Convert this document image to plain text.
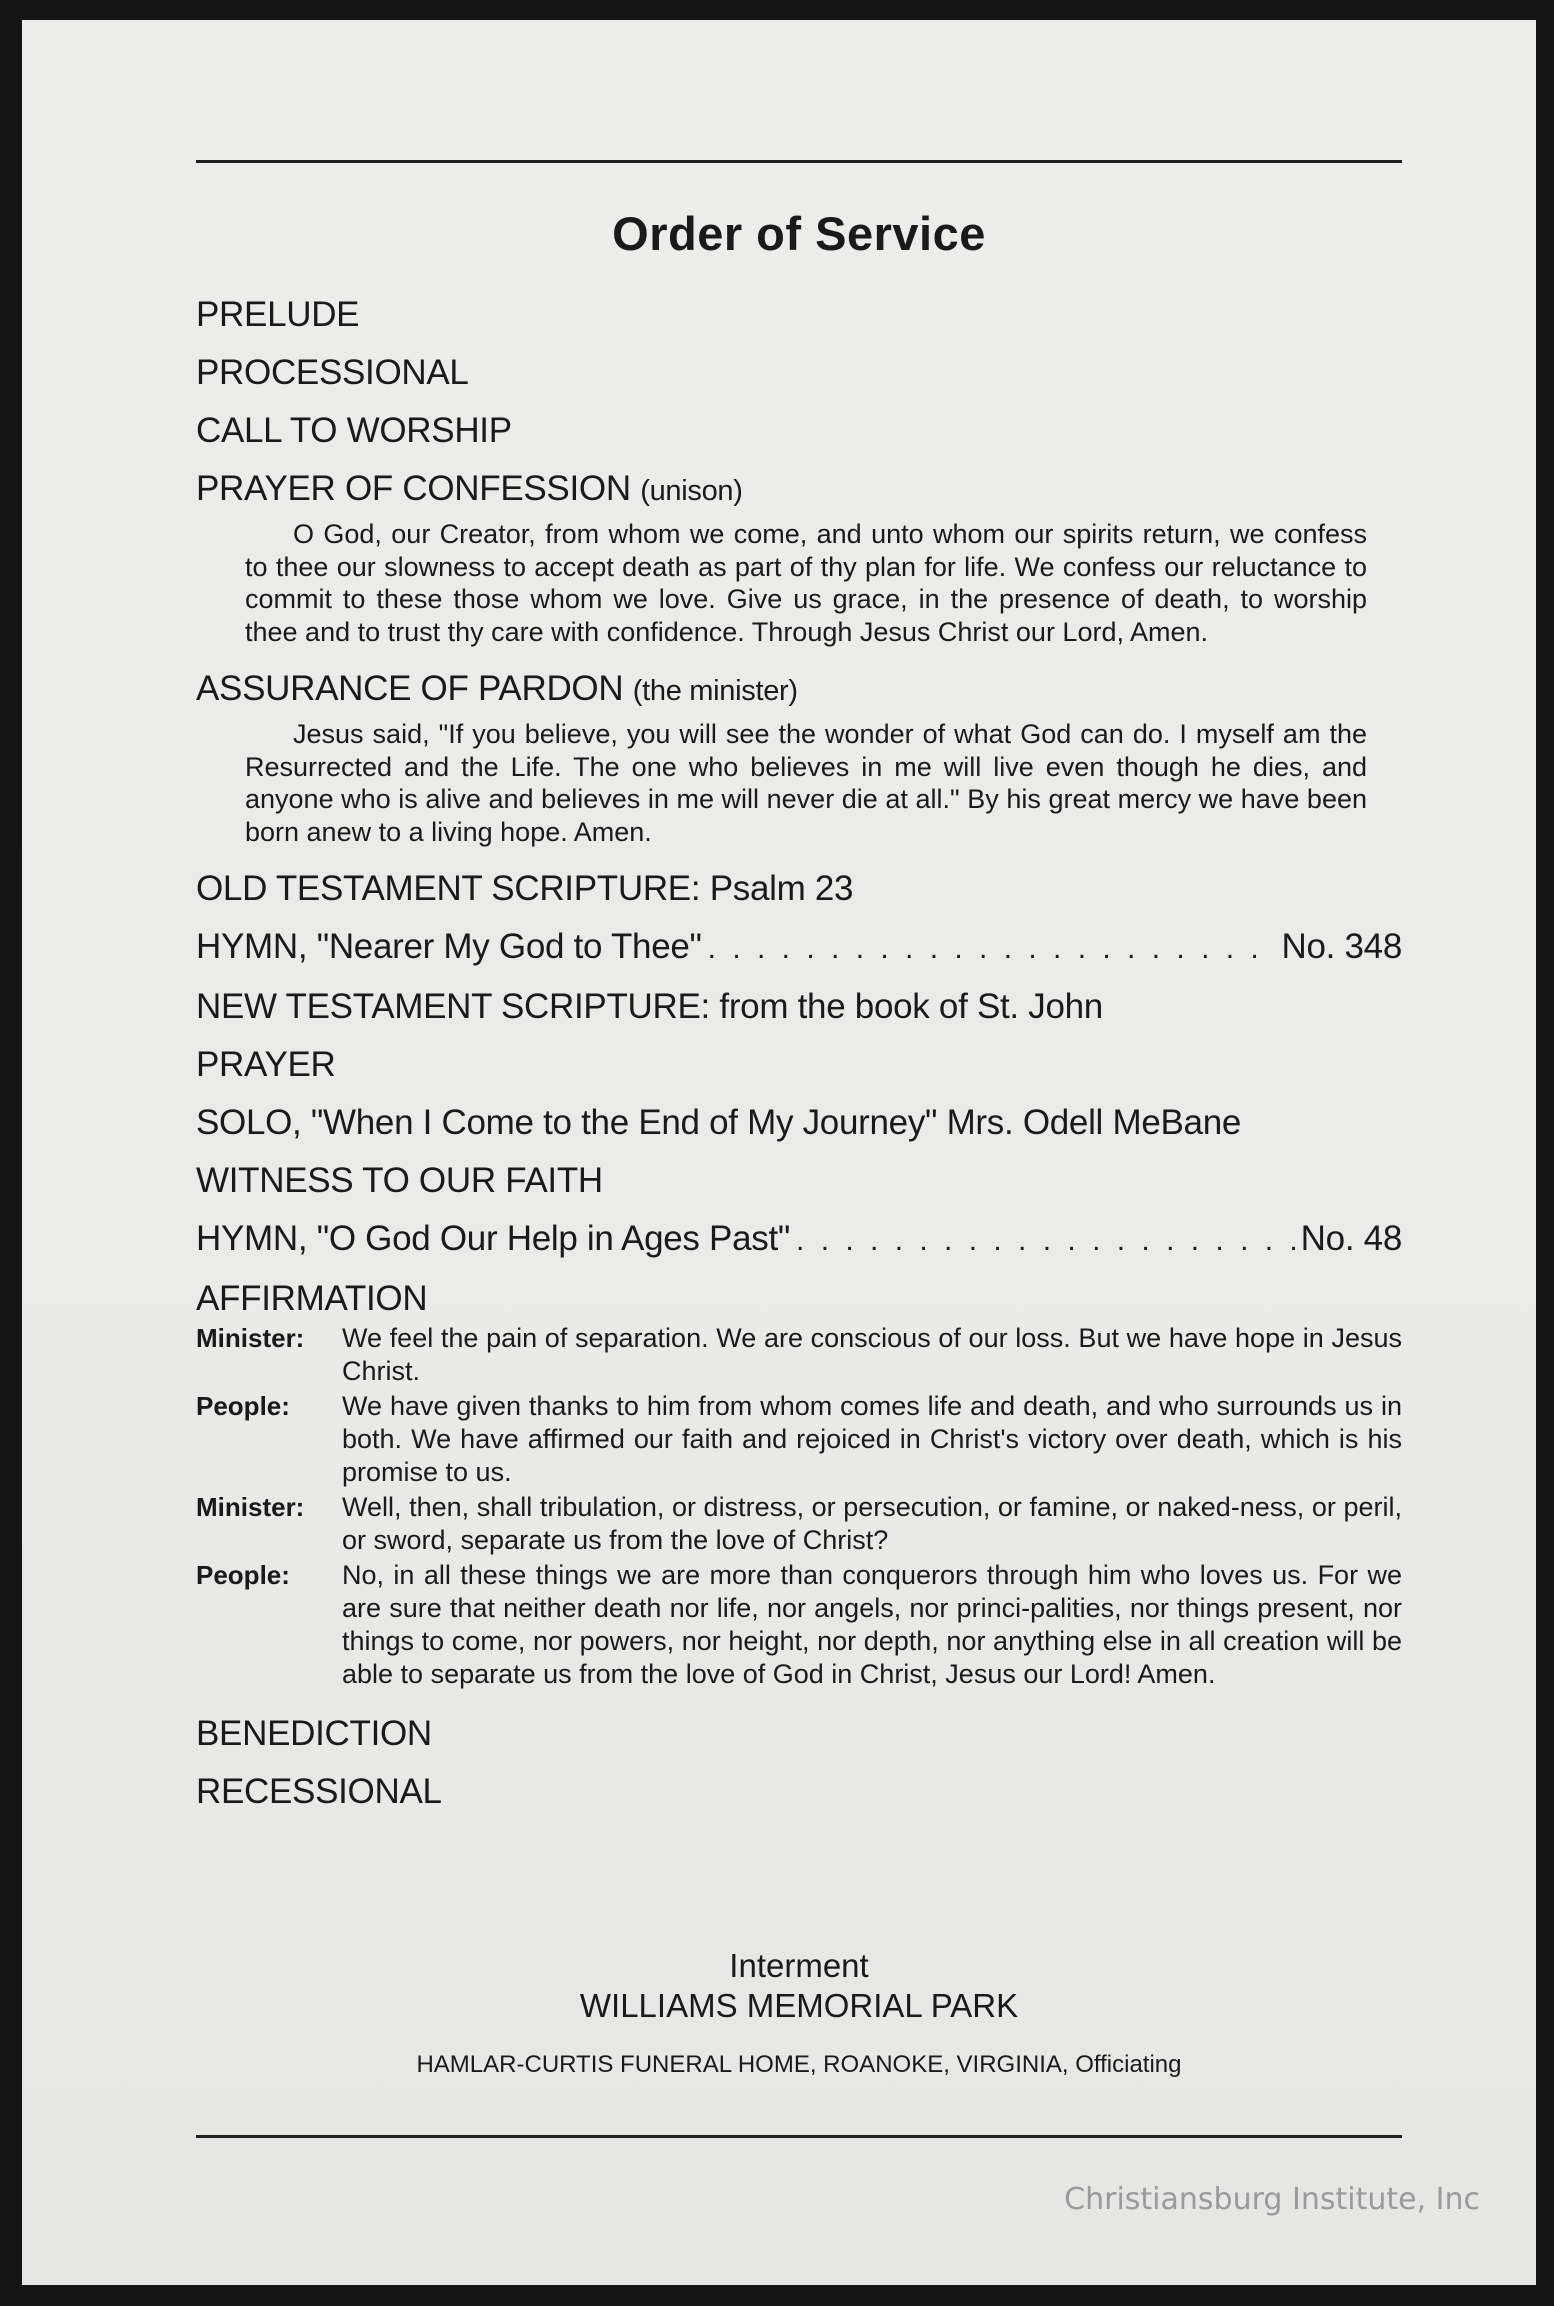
Order of Service
PRELUDE
PROCESSIONAL
CALL TO WORSHIP
PRAYER OF CONFESSION (unison)
O God, our Creator, from whom we come, and unto whom our spirits return, we confess to thee our slowness to accept death as part of thy plan for life. We confess our reluctance to commit to these those whom we love. Give us grace, in the presence of death, to worship thee and to trust thy care with confidence. Through Jesus Christ our Lord, Amen.
ASSURANCE OF PARDON (the minister)
Jesus said, "If you believe, you will see the wonder of what God can do. I myself am the Resurrected and the Life. The one who believes in me will live even though he dies, and anyone who is alive and believes in me will never die at all." By his great mercy we have been born anew to a living hope. Amen.
OLD TESTAMENT SCRIPTURE: Psalm 23
HYMN, "Nearer My God to Thee" . . .	No. 348
NEW TESTAMENT SCRIPTURE: from the book of St. John
PRAYER
SOLO, "When I Come to the End of My Journey" Mrs. Odell MeBane
WITNESS TO OUR FAITH
HYMN, "O God Our Help in Ages Past" . . .	No. 48
AFFIRMATION
Minister:	We feel the pain of separation. We are conscious of our loss. But we have hope in Jesus Christ.
People:	We have given thanks to him from whom comes life and death, and who surrounds us in both. We have affirmed our faith and rejoiced in Christ's victory over death, which is his promise to us.
Minister:	Well, then, shall tribulation, or distress, or persecution, or famine, or naked-ness, or peril, or sword, separate us from the love of Christ?
People:	No, in all these things we are more than conquerors through him who loves us. For we are sure that neither death nor life, nor angels, nor princi-palities, nor things present, nor things to come, nor powers, nor height, nor depth, nor anything else in all creation will be able to separate us from the love of God in Christ, Jesus our Lord! Amen.
BENEDICTION
RECESSIONAL
Interment
WILLIAMS MEMORIAL PARK
HAMLAR-CURTIS FUNERAL HOME, ROANOKE, VIRGINIA, Officiating
Christiansburg Institute, Inc
